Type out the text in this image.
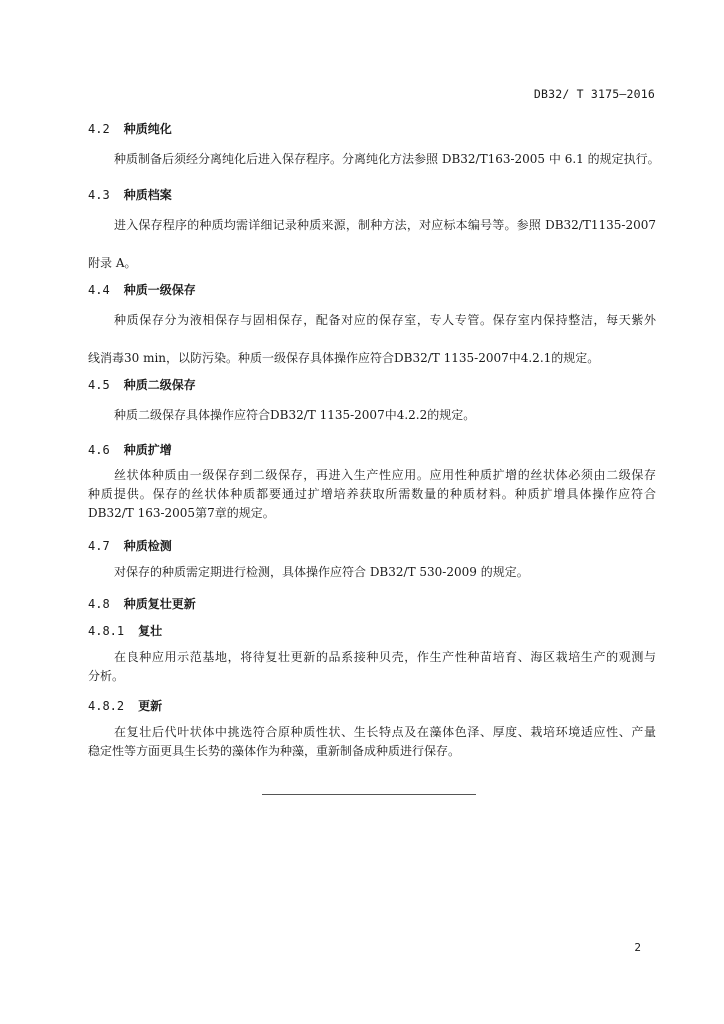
DB32/ T 3175—2016
4.2 种质纯化
种质制备后须经分离纯化后进入保存程序。分离纯化方法参照 DB32/T163-2005 中 6.1 的规定执行。
4.3 种质档案
进入保存程序的种质均需详细记录种质来源，制种方法，对应标本编号等。参照 DB32/T1135-2007
附录 A。
4.4 种质一级保存
种质保存分为液相保存与固相保存，配备对应的保存室，专人专管。保存室内保持整洁，每天紫外
线消毒30 min，以防污染。种质一级保存具体操作应符合DB32/T 1135-2007中4.2.1的规定。
4.5 种质二级保存
种质二级保存具体操作应符合DB32/T 1135-2007中4.2.2的规定。
4.6 种质扩增
丝状体种质由一级保存到二级保存，再进入生产性应用。应用性种质扩增的丝状体必须由二级保存
种质提供。保存的丝状体种质都要通过扩增培养获取所需数量的种质材料。种质扩增具体操作应符合
DB32/T 163-2005第7章的规定。
4.7 种质检测
对保存的种质需定期进行检测，具体操作应符合 DB32/T 530-2009 的规定。
4.8 种质复壮更新
4.8.1 复壮
在良种应用示范基地，将待复壮更新的品系接种贝壳，作生产性种苗培育、海区栽培生产的观测与
分析。
4.8.2 更新
在复壮后代叶状体中挑选符合原种质性状、生长特点及在藻体色泽、厚度、栽培环境适应性、产量
稳定性等方面更具生长势的藻体作为种藻，重新制备成种质进行保存。
2
